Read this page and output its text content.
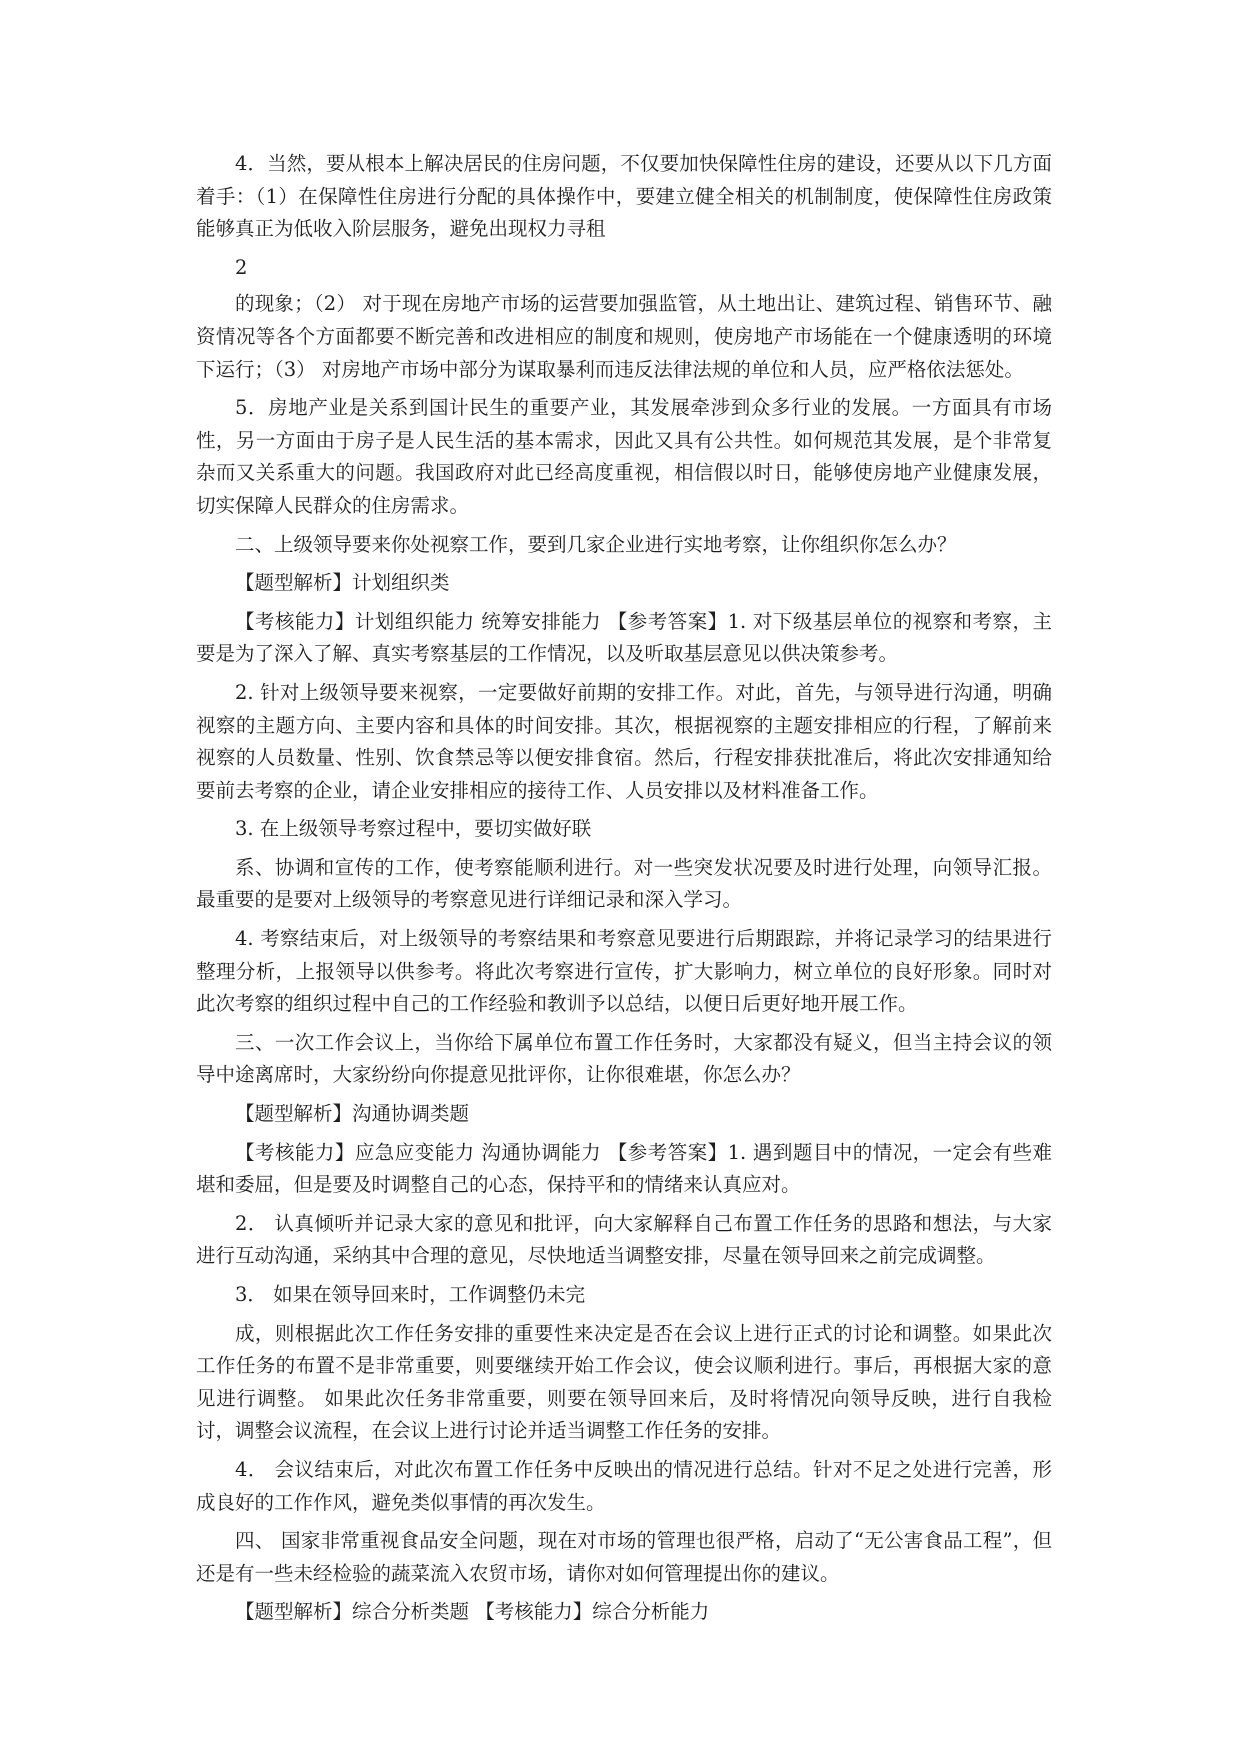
4．当然，要从根本上解决居民的住房问题，不仅要加快保障性住房的建设，还要从以下几方面着手：（1）在保障性住房进行分配的具体操作中，要建立健全相关的机制制度，使保障性住房政策能够真正为低收入阶层服务，避免出现权力寻租

2

的现象；（2） 对于现在房地产市场的运营要加强监管，从土地出让、建筑过程、销售环节、融资情况等各个方面都要不断完善和改进相应的制度和规则，使房地产市场能在一个健康透明的环境下运行；（3） 对房地产市场中部分为谋取暴利而违反法律法规的单位和人员，应严格依法惩处。

5．房地产业是关系到国计民生的重要产业，其发展牵涉到众多行业的发展。一方面具有市场性，另一方面由于房子是人民生活的基本需求，因此又具有公共性。如何规范其发展，是个非常复杂而又关系重大的问题。我国政府对此已经高度重视，相信假以时日，能够使房地产业健康发展，切实保障人民群众的住房需求。

二、上级领导要来你处视察工作，要到几家企业进行实地考察，让你组织你怎么办？

【题型解析】计划组织类

【考核能力】计划组织能力 统筹安排能力 【参考答案】1. 对下级基层单位的视察和考察，主要是为了深入了解、真实考察基层的工作情况，以及听取基层意见以供决策参考。

2. 针对上级领导要来视察，一定要做好前期的安排工作。对此，首先，与领导进行沟通，明确视察的主题方向、主要内容和具体的时间安排。其次，根据视察的主题安排相应的行程，了解前来视察的人员数量、性别、饮食禁忌等以便安排食宿。然后，行程安排获批准后，将此次安排通知给要前去考察的企业，请企业安排相应的接待工作、人员安排以及材料准备工作。

3. 在上级领导考察过程中，要切实做好联

系、协调和宣传的工作，使考察能顺利进行。对一些突发状况要及时进行处理，向领导汇报。最重要的是要对上级领导的考察意见进行详细记录和深入学习。

4. 考察结束后，对上级领导的考察结果和考察意见要进行后期跟踪，并将记录学习的结果进行整理分析，上报领导以供参考。将此次考察进行宣传，扩大影响力，树立单位的良好形象。同时对此次考察的组织过程中自己的工作经验和教训予以总结，以便日后更好地开展工作。

三、一次工作会议上，当你给下属单位布置工作任务时，大家都没有疑义，但当主持会议的领导中途离席时，大家纷纷向你提意见批评你，让你很难堪，你怎么办？

【题型解析】沟通协调类题

【考核能力】应急应变能力 沟通协调能力 【参考答案】1. 遇到题目中的情况，一定会有些难堪和委屈，但是要及时调整自己的心态，保持平和的情绪来认真应对。

2． 认真倾听并记录大家的意见和批评，向大家解释自己布置工作任务的思路和想法，与大家进行互动沟通，采纳其中合理的意见，尽快地适当调整安排，尽量在领导回来之前完成调整。

3． 如果在领导回来时，工作调整仍未完

成，则根据此次工作任务安排的重要性来决定是否在会议上进行正式的讨论和调整。如果此次工作任务的布置不是非常重要，则要继续开始工作会议，使会议顺利进行。事后，再根据大家的意见进行调整。 如果此次任务非常重要，则要在领导回来后，及时将情况向领导反映，进行自我检讨，调整会议流程，在会议上进行讨论并适当调整工作任务的安排。

4． 会议结束后，对此次布置工作任务中反映出的情况进行总结。针对不足之处进行完善，形成良好的工作作风，避免类似事情的再次发生。

四、 国家非常重视食品安全问题，现在对市场的管理也很严格，启动了“无公害食品工程”，但还是有一些未经检验的蔬菜流入农贸市场，请你对如何管理提出你的建议。

【题型解析】综合分析类题 【考核能力】综合分析能力
